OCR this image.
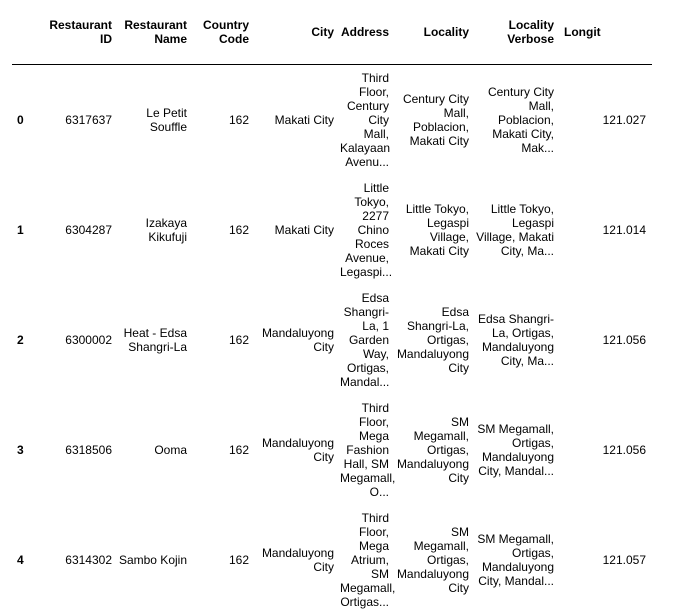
	Restaurant ID	Restaurant Name	Country Code	City	Address	Locality	Locality Verbose	Longit
0	6317637	Le Petit Souffle	162	Makati City	Third Floor, Century City Mall, Kalayaan Avenu...	Century City Mall, Poblacion, Makati City	Century City Mall, Poblacion, Makati City, Mak...	121.027
1	6304287	Izakaya Kikufuji	162	Makati City	Little Tokyo, 2277 Chino Roces Avenue, Legaspi...	Little Tokyo, Legaspi Village, Makati City	Little Tokyo, Legaspi Village, Makati City, Ma...	121.014
2	6300002	Heat - Edsa Shangri-La	162	Mandaluyong City	Edsa Shangri-La, 1 Garden Way, Ortigas, Mandal...	Edsa Shangri-La, Ortigas, Mandaluyong City	Edsa Shangri-La, Ortigas, Mandaluyong City, Ma...	121.056
3	6318506	Ooma	162	Mandaluyong City	Third Floor, Mega Fashion Hall, SM Megamall, O...	SM Megamall, Ortigas, Mandaluyong City	SM Megamall, Ortigas, Mandaluyong City, Mandal...	121.056
4	6314302	Sambo Kojin	162	Mandaluyong City	Third Floor, Mega Atrium, SM Megamall, Ortigas...	SM Megamall, Ortigas, Mandaluyong City	SM Megamall, Ortigas, Mandaluyong City, Mandal...	121.057
